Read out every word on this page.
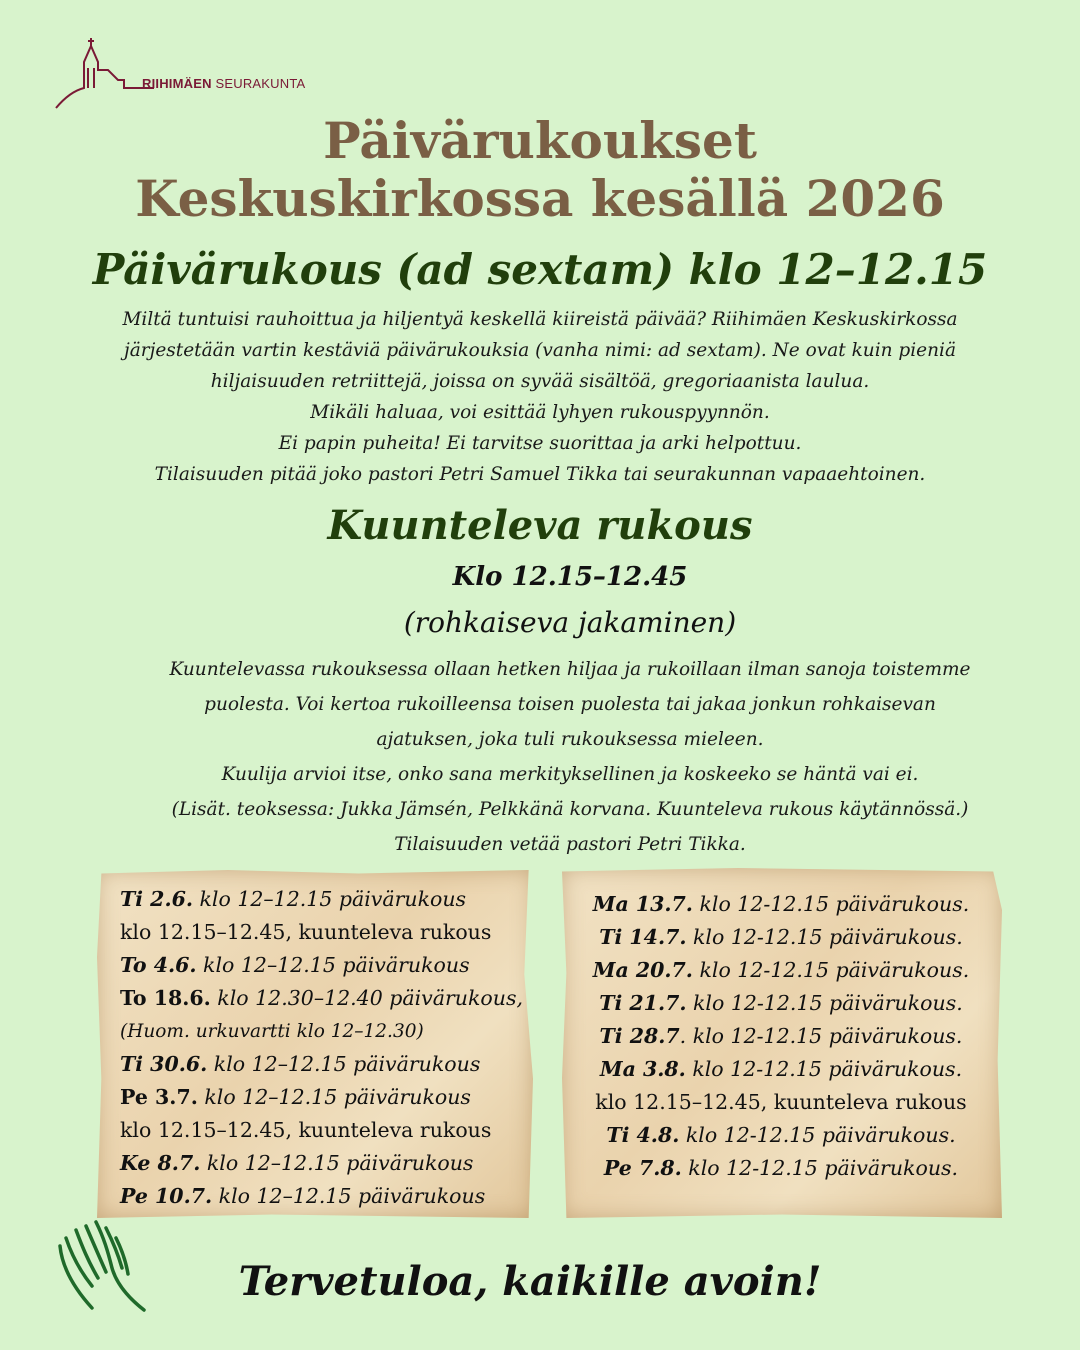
RIIHIMÄEN SEURAKUNTA
Päivärukoukset
Keskuskirkossa kesällä 2026
Päivärukous (ad sextam) klo 12–12.15
Miltä tuntuisi rauhoittua ja hiljentyä keskellä kiireistä päivää? Riihimäen Keskuskirkossa
järjestetään vartin kestäviä päivärukouksia (vanha nimi: ad sextam). Ne ovat kuin pieniä
hiljaisuuden retriittejä, joissa on syvää sisältöä, gregoriaanista laulua.
Mikäli haluaa, voi esittää lyhyen rukouspyynnön.
Ei papin puheita! Ei tarvitse suorittaa ja arki helpottuu.
Tilaisuuden pitää joko pastori Petri Samuel Tikka tai seurakunnan vapaaehtoinen.
Kuunteleva rukous
Klo 12.15–12.45
(rohkaiseva jakaminen)
Kuuntelevassa rukouksessa ollaan hetken hiljaa ja rukoillaan ilman sanoja toistemme
puolesta. Voi kertoa rukoilleensa toisen puolesta tai jakaa jonkun rohkaisevan
ajatuksen, joka tuli rukouksessa mieleen.
Kuulija arvioi itse, onko sana merkityksellinen ja koskeeko se häntä vai ei.
(Lisät. teoksessa: Jukka Jämsén, Pelkkänä korvana. Kuunteleva rukous käytännössä.)
Tilaisuuden vetää pastori Petri Tikka.
Ti 2.6. klo 12–12.15 päivärukous
klo 12.15–12.45, kuunteleva rukous
To 4.6. klo 12–12.15 päivärukous
To 18.6. klo 12.30–12.40 päivärukous,
(Huom. urkuvartti klo 12–12.30)
Ti 30.6. klo 12–12.15 päivärukous
Pe 3.7. klo 12–12.15 päivärukous
klo 12.15–12.45, kuunteleva rukous
Ke 8.7. klo 12–12.15 päivärukous
Pe 10.7. klo 12–12.15 päivärukous
Ma 13.7. klo 12-12.15 päivärukous.
Ti 14.7. klo 12-12.15 päivärukous.
Ma 20.7. klo 12-12.15 päivärukous.
Ti 21.7. klo 12-12.15 päivärukous.
Ti 28.7. klo 12-12.15 päivärukous.
Ma 3.8. klo 12-12.15 päivärukous.
klo 12.15–12.45, kuunteleva rukous
Ti 4.8. klo 12-12.15 päivärukous.
Pe 7.8. klo 12-12.15 päivärukous.
Tervetuloa, kaikille avoin!
